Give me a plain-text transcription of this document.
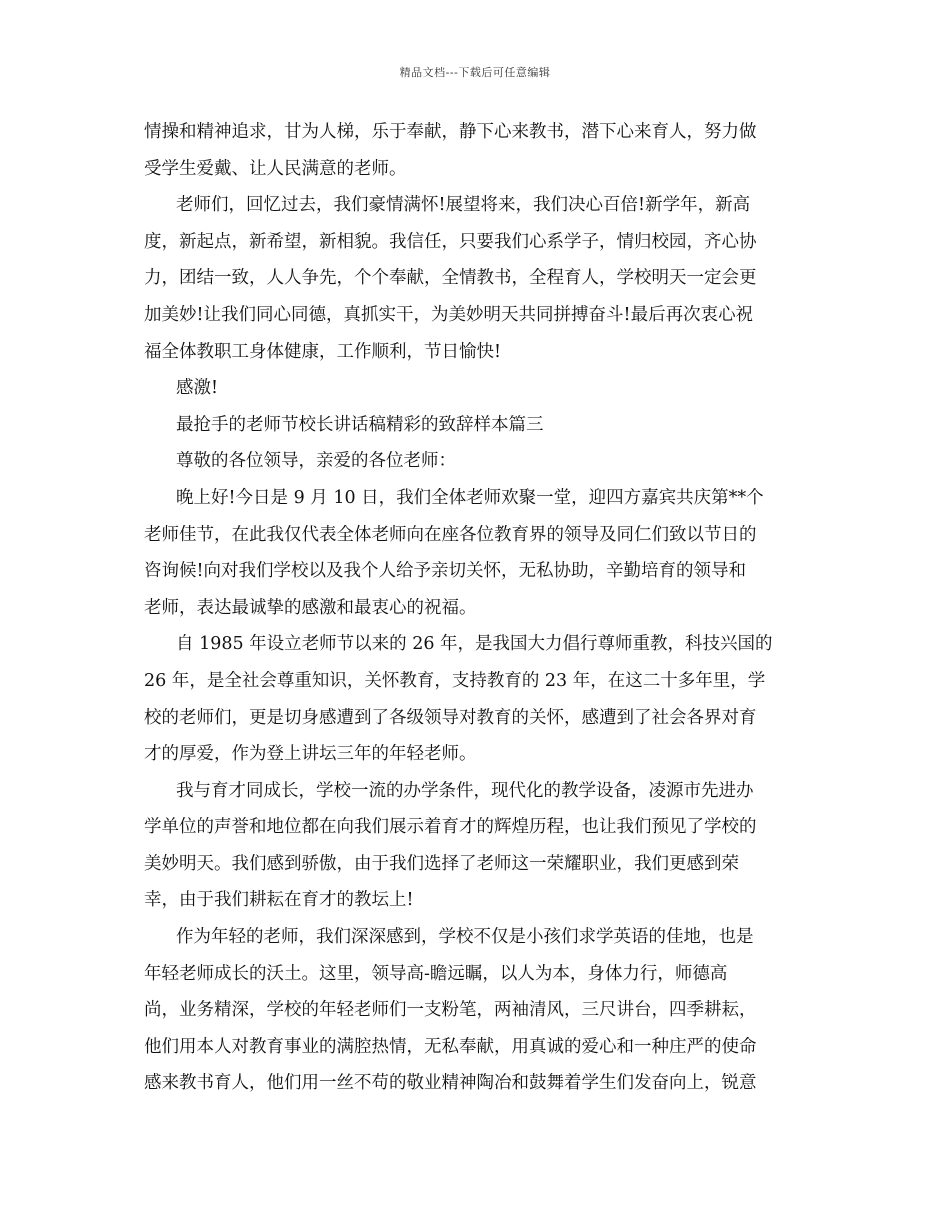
精品文档---下载后可任意编辑
情操和精神追求，甘为人梯，乐于奉献，静下心来教书，潜下心来育人，努力做
受学生爱戴、让人民满意的老师。
老师们，回忆过去，我们豪情满怀!展望将来，我们决心百倍!新学年，新高
度，新起点，新希望，新相貌。我信任，只要我们心系学子，情归校园，齐心协
力，团结一致，人人争先，个个奉献，全情教书，全程育人，学校明天一定会更
加美妙!让我们同心同德，真抓实干，为美妙明天共同拼搏奋斗!最后再次衷心祝
福全体教职工身体健康，工作顺利，节日愉快!
感激!
最抢手的老师节校长讲话稿精彩的致辞样本篇三
尊敬的各位领导，亲爱的各位老师：
晚上好!今日是 9 月 10 日，我们全体老师欢聚一堂，迎四方嘉宾共庆第**个
老师佳节，在此我仅代表全体老师向在座各位教育界的领导及同仁们致以节日的
咨询候!向对我们学校以及我个人给予亲切关怀，无私协助，辛勤培育的领导和
老师，表达最诚挚的感激和最衷心的祝福。
自 1985 年设立老师节以来的 26 年，是我国大力倡行尊师重教，科技兴国的
26 年，是全社会尊重知识，关怀教育，支持教育的 23 年，在这二十多年里，学
校的老师们，更是切身感遭到了各级领导对教育的关怀，感遭到了社会各界对育
才的厚爱，作为登上讲坛三年的年轻老师。
我与育才同成长，学校一流的办学条件，现代化的教学设备，凌源市先进办
学单位的声誉和地位都在向我们展示着育才的辉煌历程，也让我们预见了学校的
美妙明天。我们感到骄傲，由于我们选择了老师这一荣耀职业，我们更感到荣
幸，由于我们耕耘在育才的教坛上!
作为年轻的老师，我们深深感到，学校不仅是小孩们求学英语的佳地，也是
年轻老师成长的沃土。这里，领导高-瞻远瞩，以人为本，身体力行，师德高
尚，业务精深，学校的年轻老师们一支粉笔，两袖清风，三尺讲台，四季耕耘，
他们用本人对教育事业的满腔热情，无私奉献，用真诚的爱心和一种庄严的使命
感来教书育人，他们用一丝不苟的敬业精神陶冶和鼓舞着学生们发奋向上，锐意
